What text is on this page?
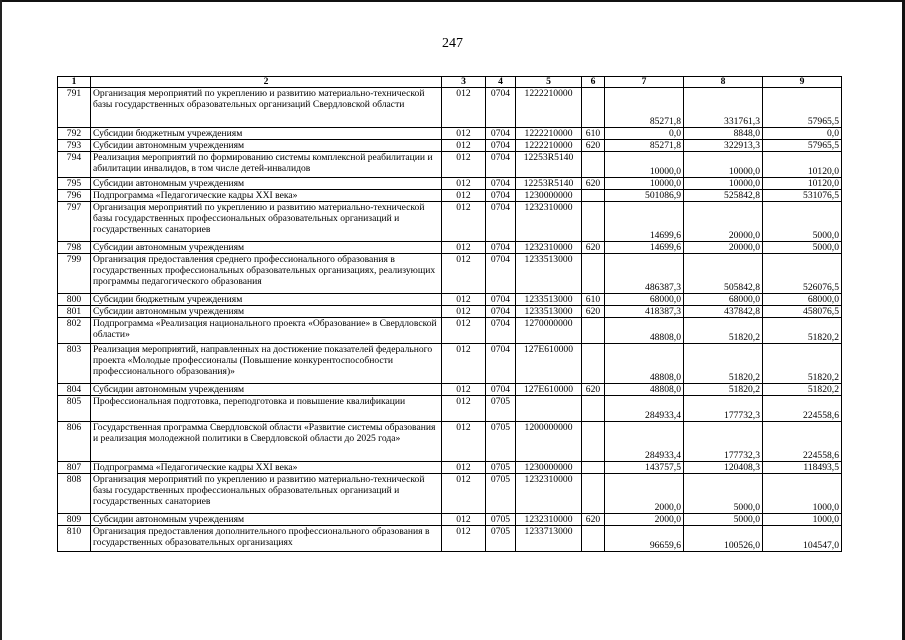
247
1	2	3	4	5	6	7	8	9
791	Организация мероприятий по укреплению и развитию материально-технической базы государственных образовательных организаций Свердловской области	012	0704	1222210000		85271,8	331761,3	57965,5
792	Субсидии бюджетным учреждениям	012	0704	1222210000	610	0,0	8848,0	0,0
793	Субсидии автономным учреждениям	012	0704	1222210000	620	85271,8	322913,3	57965,5
794	Реализация мероприятий по формированию системы комплексной реабилитации и абилитации инвалидов, в том числе детей-инвалидов	012	0704	12253R5140		10000,0	10000,0	10120,0
795	Субсидии автономным учреждениям	012	0704	12253R5140	620	10000,0	10000,0	10120,0
796	Подпрограмма «Педагогические кадры XXI века»	012	0704	1230000000		501086,9	525842,8	531076,5
797	Организация мероприятий по укреплению и развитию материально-технической базы государственных профессиональных образовательных организаций и государственных санаториев	012	0704	1232310000		14699,6	20000,0	5000,0
798	Субсидии автономным учреждениям	012	0704	1232310000	620	14699,6	20000,0	5000,0
799	Организация предоставления среднего профессионального образования в государственных профессиональных образовательных организациях, реализующих программы педагогического образования	012	0704	1233513000		486387,3	505842,8	526076,5
800	Субсидии бюджетным учреждениям	012	0704	1233513000	610	68000,0	68000,0	68000,0
801	Субсидии автономным учреждениям	012	0704	1233513000	620	418387,3	437842,8	458076,5
802	Подпрограмма «Реализация национального проекта «Образование» в Свердловской области»	012	0704	1270000000		48808,0	51820,2	51820,2
803	Реализация мероприятий, направленных на достижение показателей федерального проекта «Молодые профессионалы (Повышение конкурентоспособности профессионального образования)»	012	0704	127E610000		48808,0	51820,2	51820,2
804	Субсидии автономным учреждениям	012	0704	127E610000	620	48808,0	51820,2	51820,2
805	Профессиональная подготовка, переподготовка и повышение квалификации	012	0705			284933,4	177732,3	224558,6
806	Государственная программа Свердловской области «Развитие системы образования и реализация молодежной политики в Свердловской области до 2025 года»	012	0705	1200000000		284933,4	177732,3	224558,6
807	Подпрограмма «Педагогические кадры XXI века»	012	0705	1230000000		143757,5	120408,3	118493,5
808	Организация мероприятий по укреплению и развитию материально-технической базы государственных профессиональных образовательных организаций и государственных санаториев	012	0705	1232310000		2000,0	5000,0	1000,0
809	Субсидии автономным учреждениям	012	0705	1232310000	620	2000,0	5000,0	1000,0
810	Организация предоставления дополнительного профессионального образования в государственных образовательных организациях	012	0705	1233713000		96659,6	100526,0	104547,0
